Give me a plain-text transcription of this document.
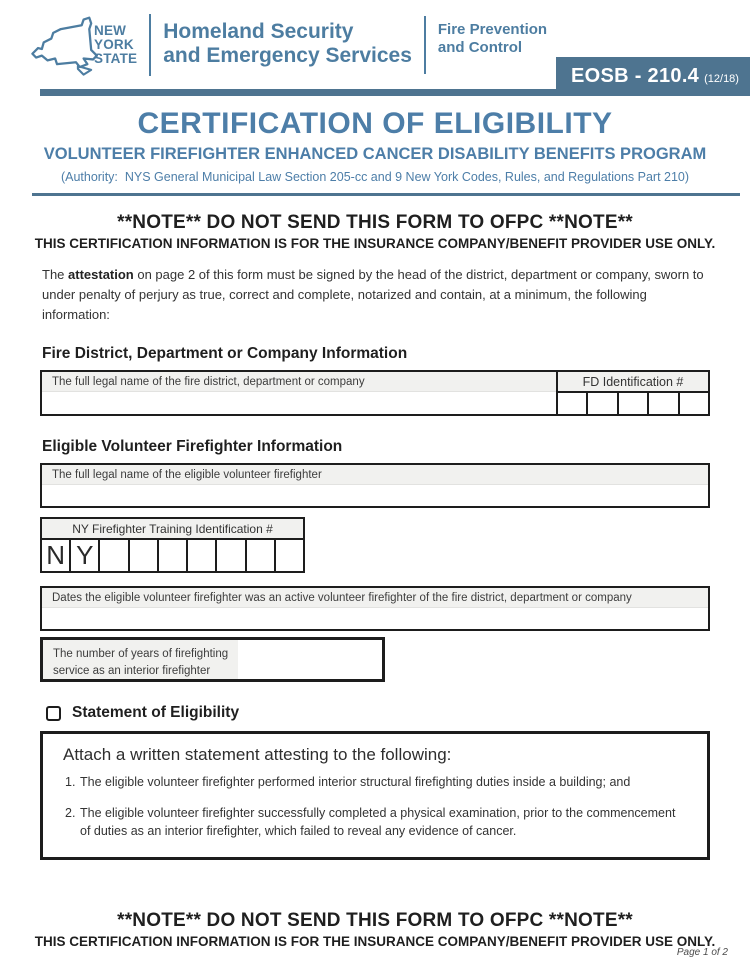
NEW
YORK
STATE
Homeland Security
and Emergency Services
Fire Prevention
and Control
EOSB - 210.4 (12/18)
CERTIFICATION OF ELIGIBILITY
VOLUNTEER FIREFIGHTER ENHANCED CANCER DISABILITY BENEFITS PROGRAM
(Authority:  NYS General Municipal Law Section 205-cc and 9 New York Codes, Rules, and Regulations Part 210)
**NOTE** DO NOT SEND THIS FORM TO OFPC **NOTE**
THIS CERTIFICATION INFORMATION IS FOR THE INSURANCE COMPANY/BENEFIT PROVIDER USE ONLY.

The attestation on page 2 of this form must be signed by the head of the district, department or company, sworn to under penalty of perjury as true, correct and complete, notarized and contain, at a minimum, the following information:

Fire District, Department or Company Information
The full legal name of the fire district, department or company	FD Identification #
Eligible Volunteer Firefighter Information
The full legal name of the eligible volunteer firefighter
NY Firefighter Training Identification #
N Y
Dates the eligible volunteer firefighter was an active volunteer firefighter of the fire district, department or company
The number of years of firefighting
service as an interior firefighter
Statement of Eligibility
Attach a written statement attesting to the following:
1. The eligible volunteer firefighter performed interior structural firefighting duties inside a building; and
2. The eligible volunteer firefighter successfully completed a physical examination, prior to the commencement of duties as an interior firefighter, which failed to reveal any evidence of cancer.
**NOTE** DO NOT SEND THIS FORM TO OFPC **NOTE**
THIS CERTIFICATION INFORMATION IS FOR THE INSURANCE COMPANY/BENEFIT PROVIDER USE ONLY.
Page 1 of 2
